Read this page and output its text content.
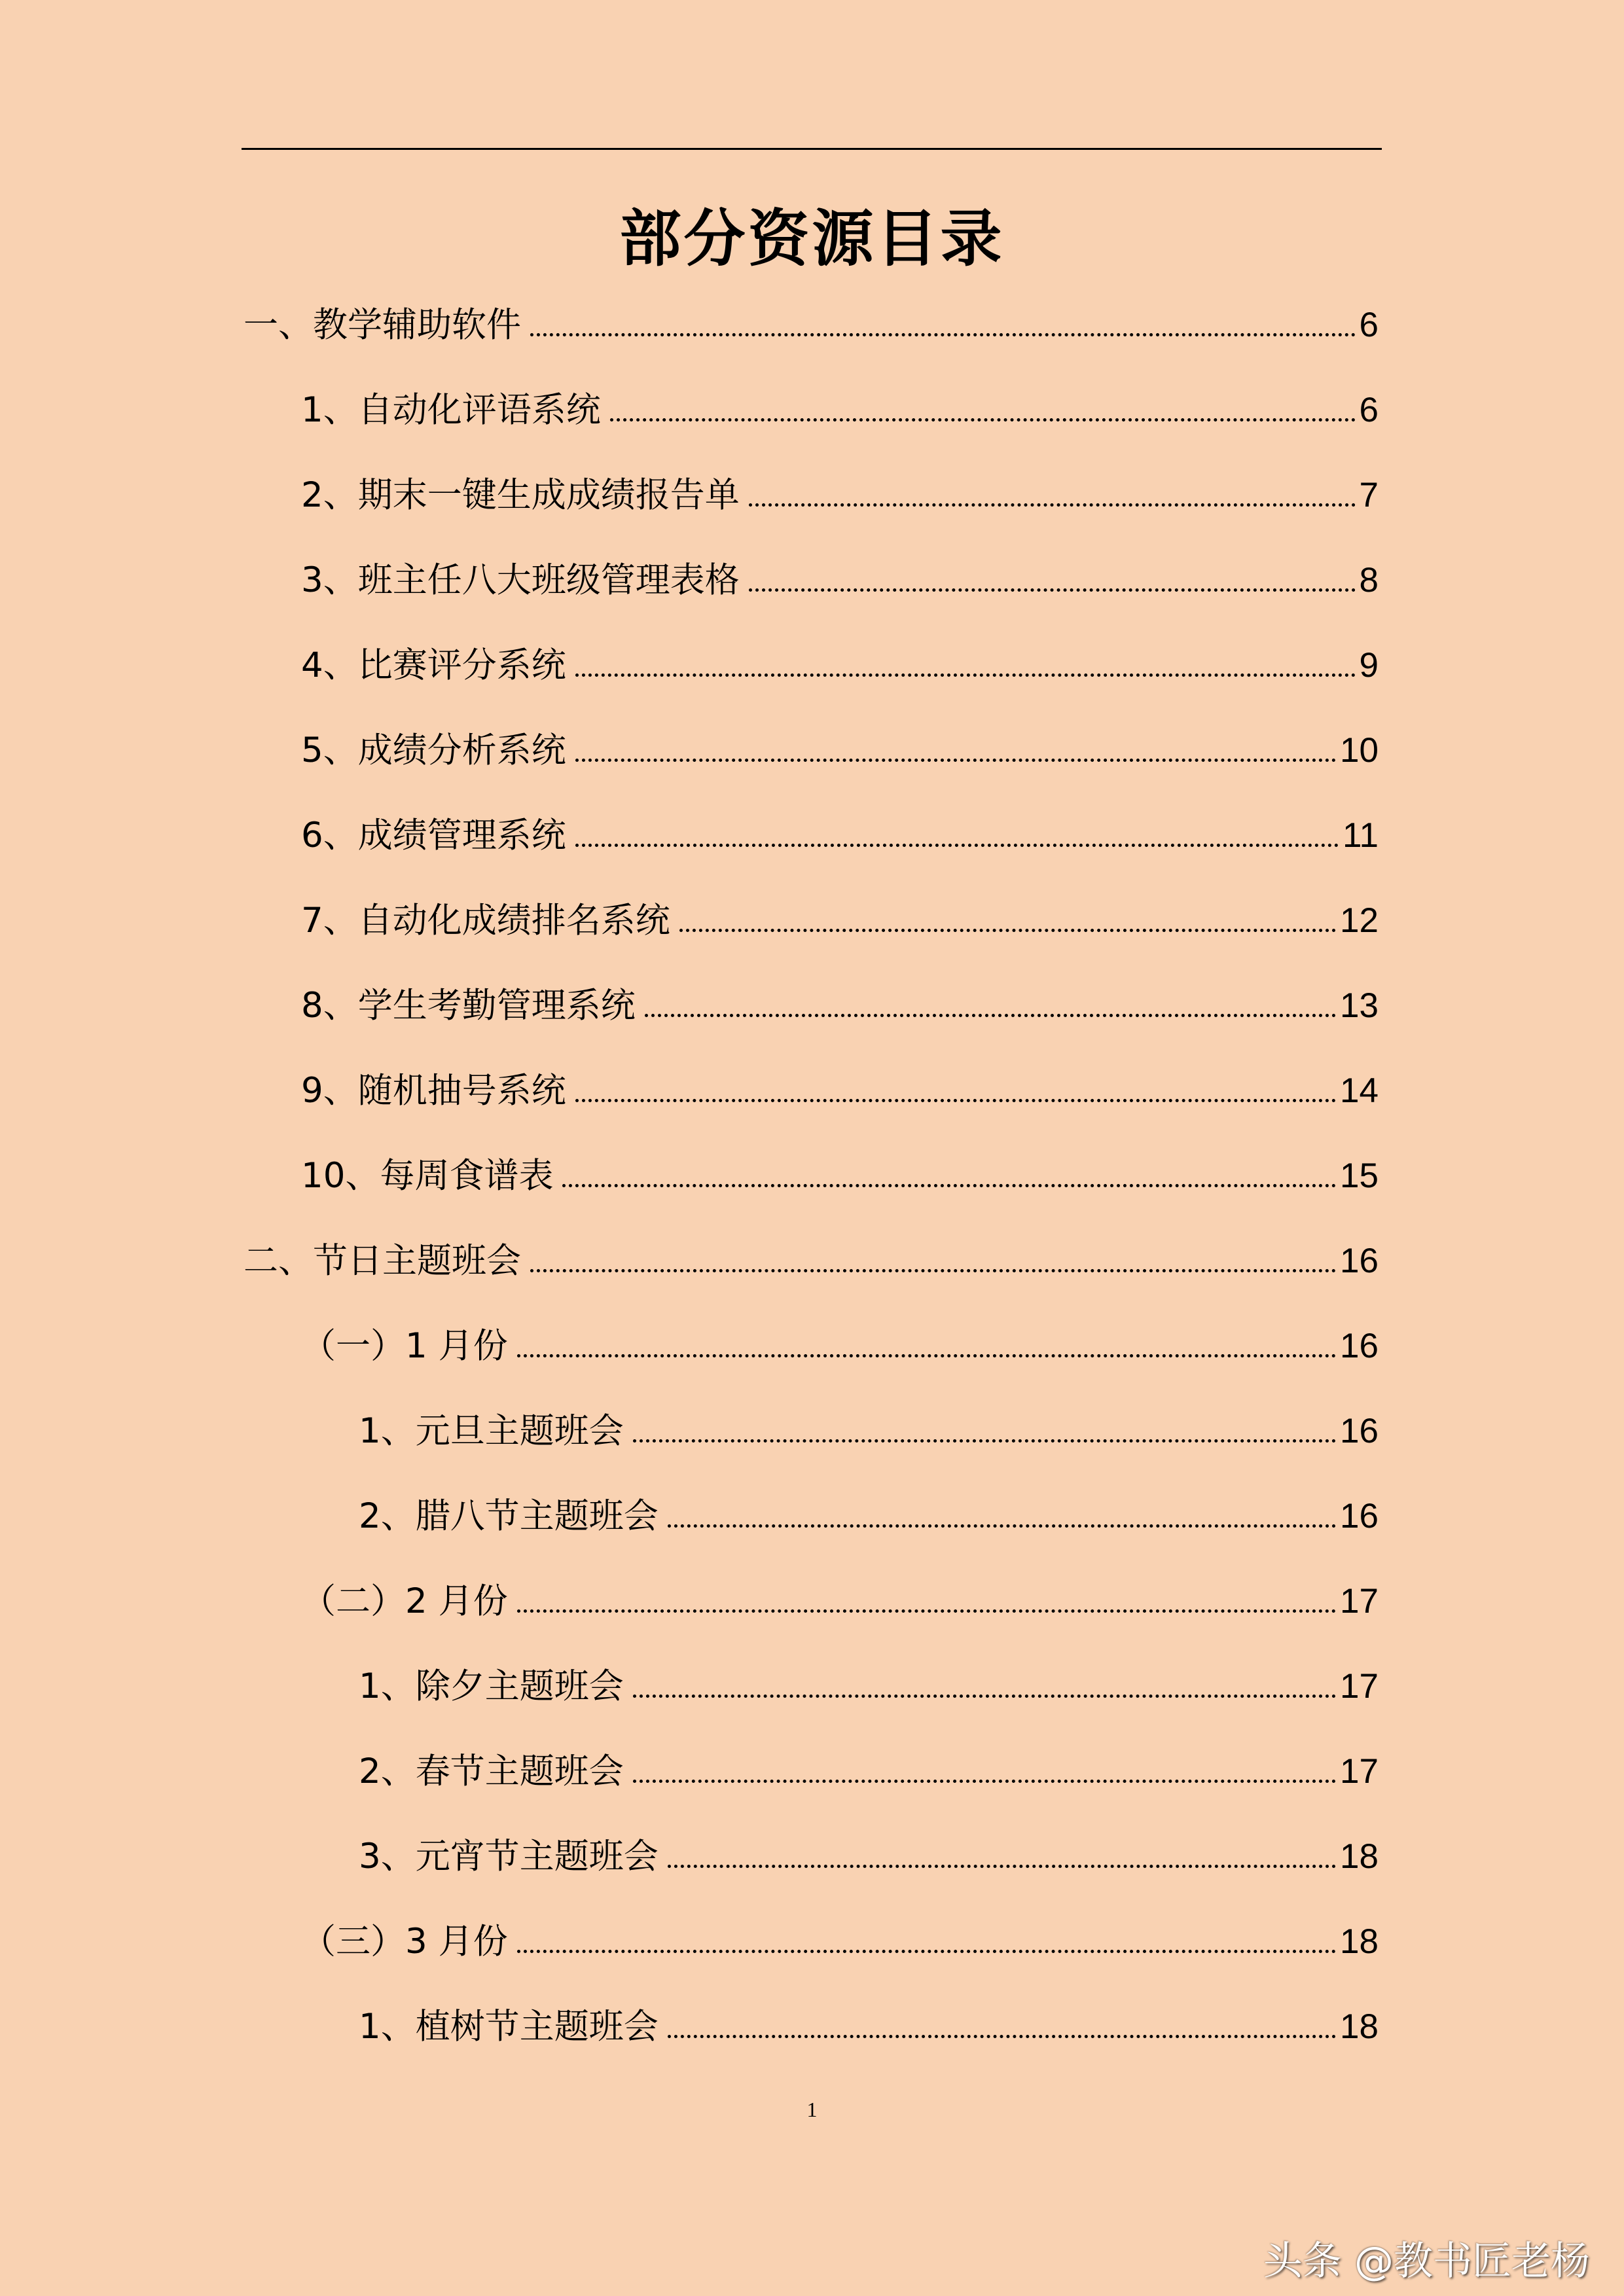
部分资源目录
一、教学辅助软件	6
1、自动化评语系统	6
2、期末一键生成成绩报告单	7
3、班主任八大班级管理表格	8
4、比赛评分系统	9
5、成绩分析系统	10
6、成绩管理系统	11
7、自动化成绩排名系统	12
8、学生考勤管理系统	13
9、随机抽号系统	14
10、每周食谱表	15
二、节日主题班会	16
（一）1 月份	16
1、元旦主题班会	16
2、腊八节主题班会	16
（二）2 月份	17
1、除夕主题班会	17
2、春节主题班会	17
3、元宵节主题班会	18
（三）3 月份	18
1、植树节主题班会	18
1
头条 @教书匠老杨
